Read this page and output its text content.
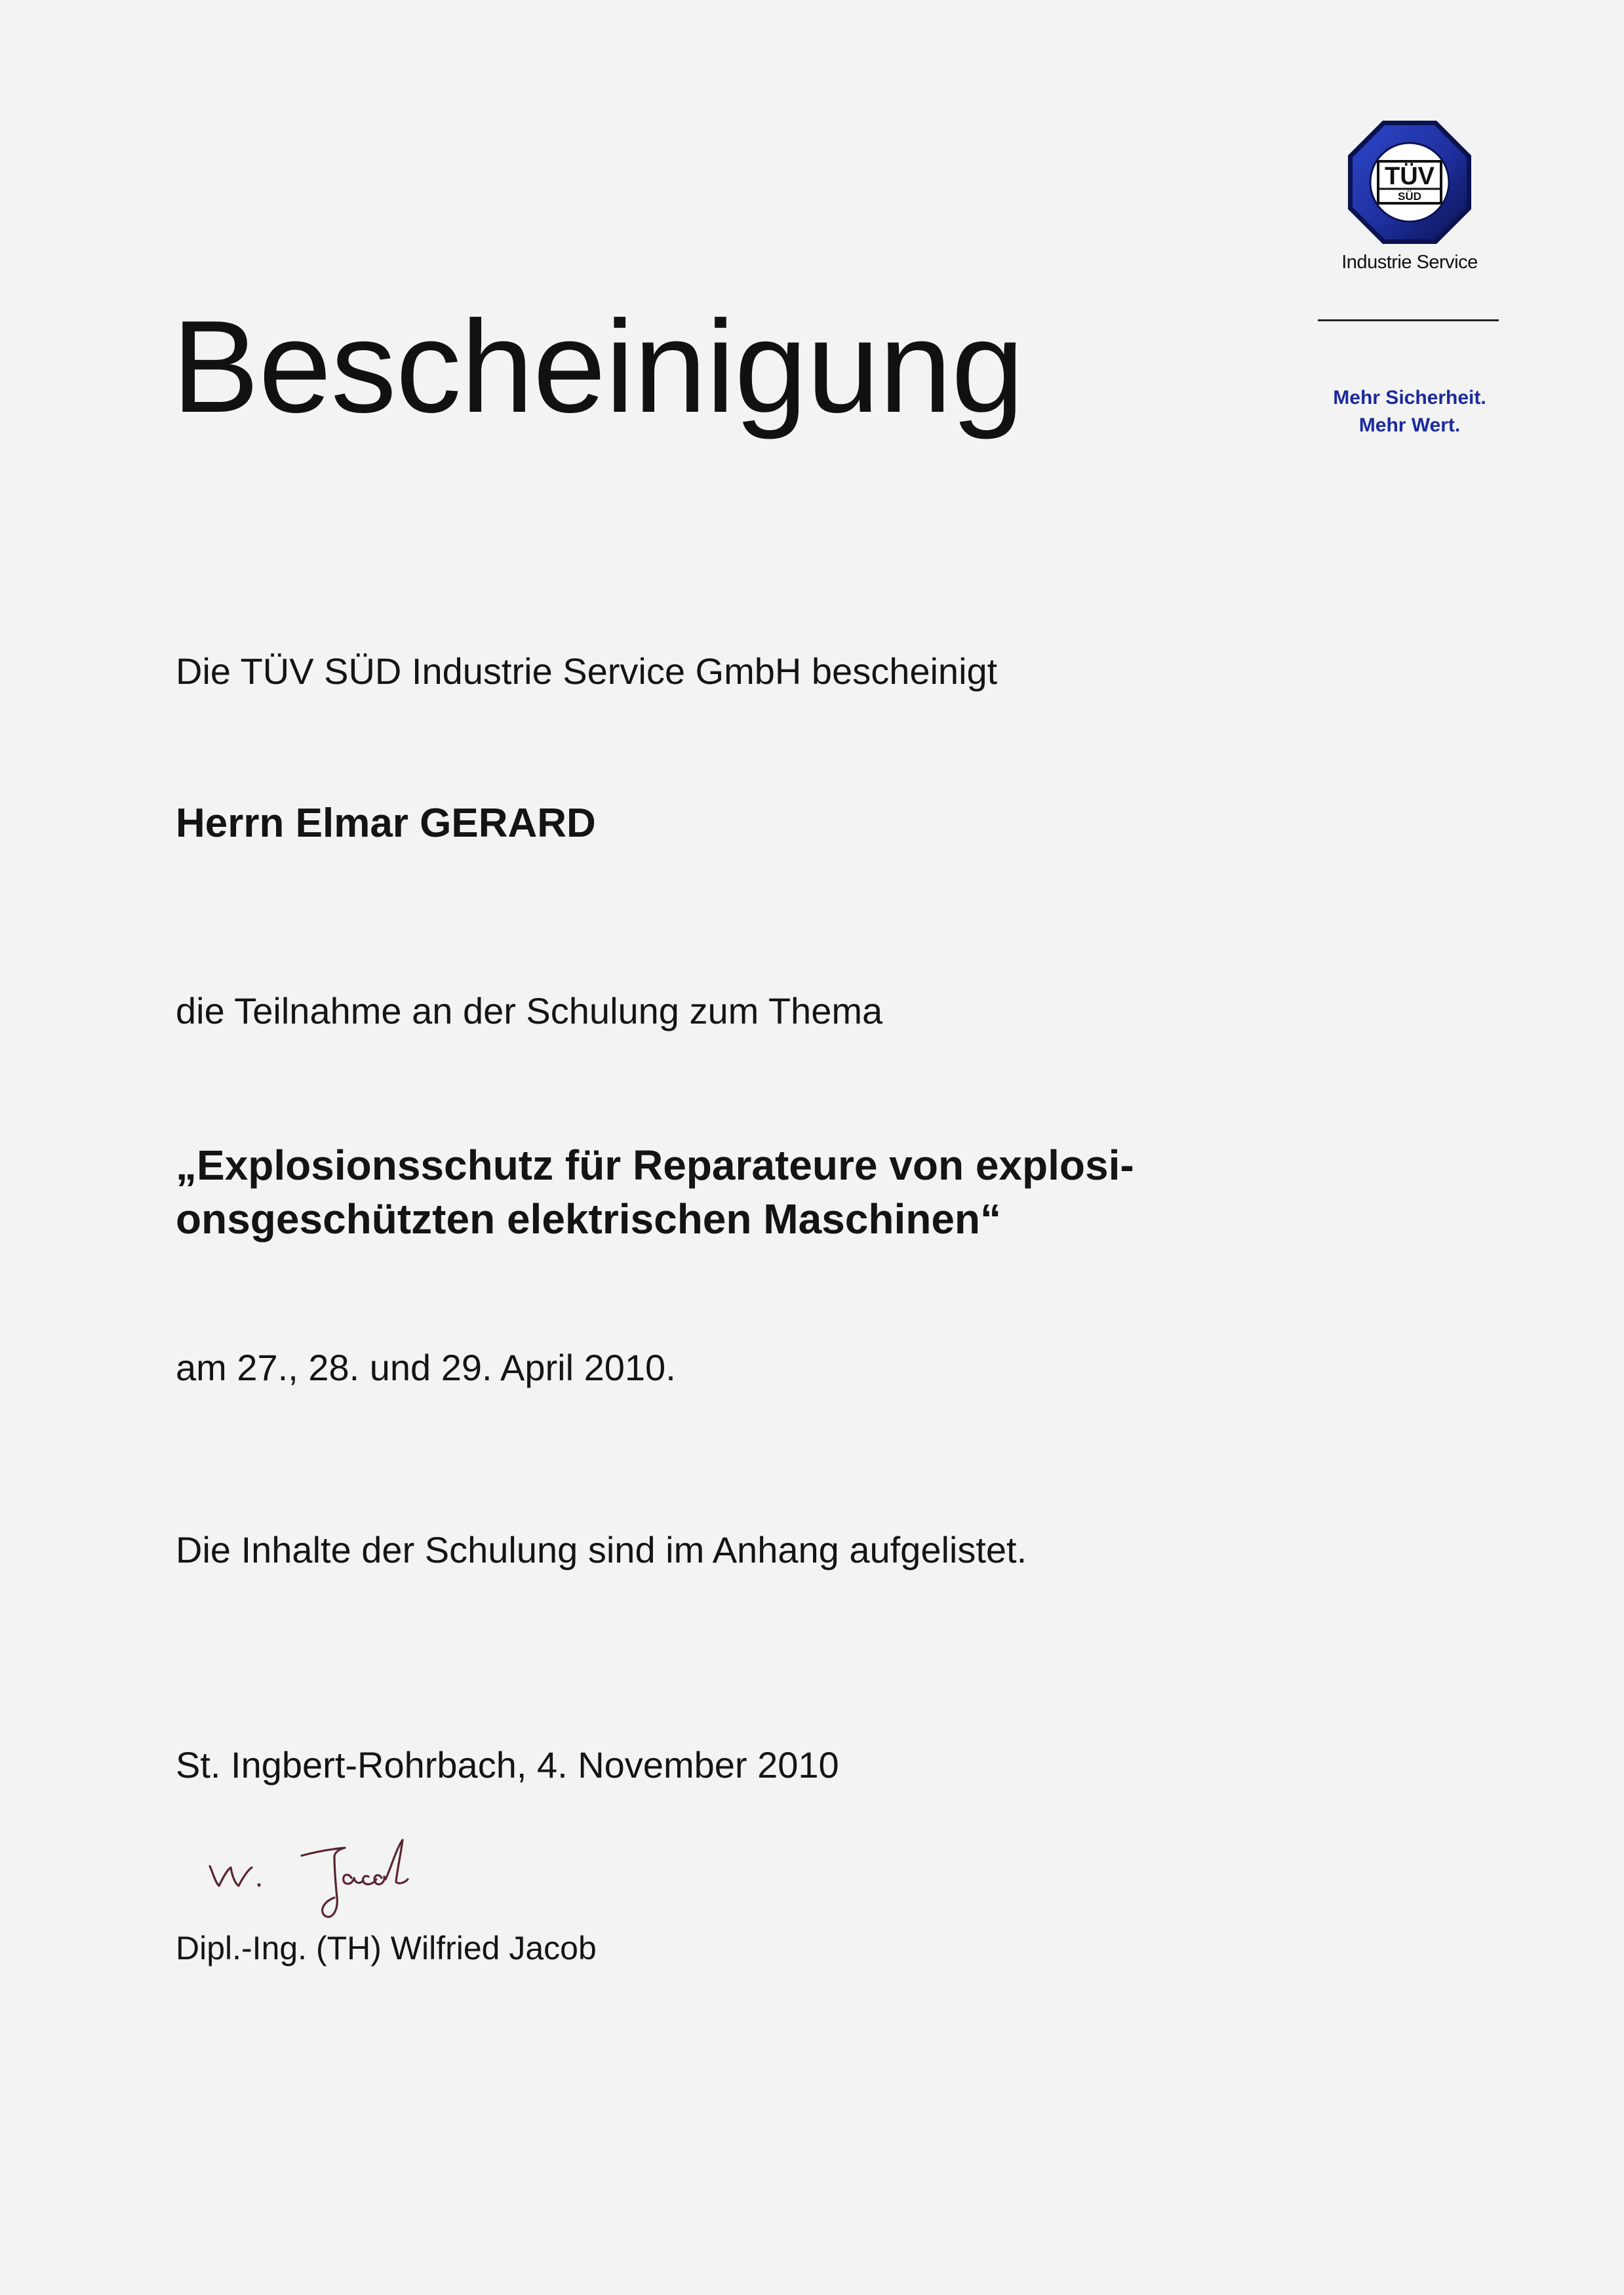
TÜV
SÜD
Industrie Service
Mehr Sicherheit.
Mehr Wert.
Bescheinigung

Die TÜV SÜD Industrie Service GmbH bescheinigt

Herrn Elmar GERARD

die Teilnahme an der Schulung zum Thema

„Explosionsschutz für Reparateure von explosi-
onsgeschützten elektrischen Maschinen“

am 27., 28. und 29. April 2010.

Die Inhalte der Schulung sind im Anhang aufgelistet.

St. Ingbert-Rohrbach, 4. November 2010

W. Jacob

Dipl.-Ing. (TH) Wilfried Jacob
